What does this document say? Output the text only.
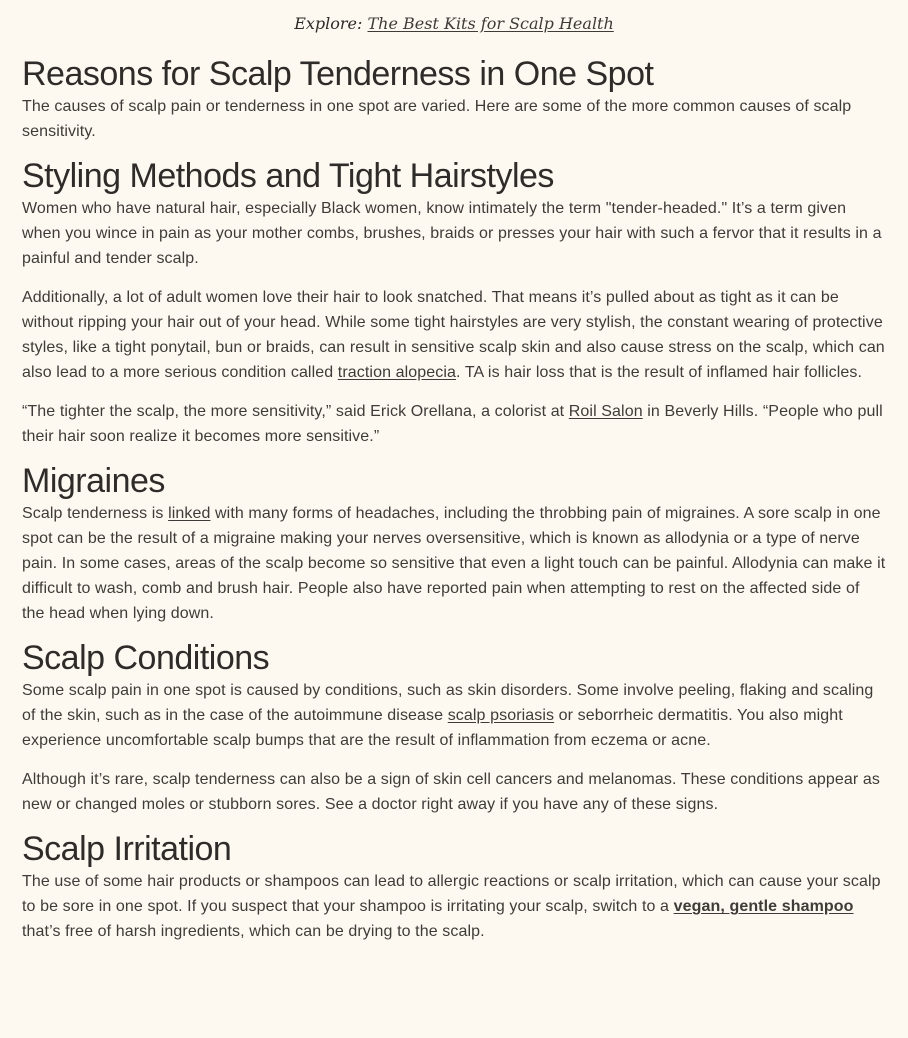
Explore: The Best Kits for Scalp Health
Reasons for Scalp Tenderness in One Spot

The causes of scalp pain or tenderness in one spot are varied. Here are some of the more common causes of scalp sensitivity.

Styling Methods and Tight Hairstyles

Women who have natural hair, especially Black women, know intimately the term "tender-headed." It’s a term given when you wince in pain as your mother combs, brushes, braids or presses your hair with such a fervor that it results in a painful and tender scalp.

Additionally, a lot of adult women love their hair to look snatched. That means it’s pulled about as tight as it can be without ripping your hair out of your head. While some tight hairstyles are very stylish, the constant wearing of protective styles, like a tight ponytail, bun or braids, can result in sensitive scalp skin and also cause stress on the scalp, which can also lead to a more serious condition called traction alopecia. TA is hair loss that is the result of inflamed hair follicles.

“The tighter the scalp, the more sensitivity,” said Erick Orellana, a colorist at Roil Salon in Beverly Hills. “People who pull their hair soon realize it becomes more sensitive.”

Migraines

Scalp tenderness is linked with many forms of headaches, including the throbbing pain of migraines. A sore scalp in one spot can be the result of a migraine making your nerves oversensitive, which is known as allodynia or a type of nerve pain. In some cases, areas of the scalp become so sensitive that even a light touch can be painful. Allodynia can make it difficult to wash, comb and brush hair. People also have reported pain when attempting to rest on the affected side of the head when lying down.

Scalp Conditions

Some scalp pain in one spot is caused by conditions, such as skin disorders. Some involve peeling, flaking and scaling of the skin, such as in the case of the autoimmune disease scalp psoriasis or seborrheic dermatitis. You also might experience uncomfortable scalp bumps that are the result of inflammation from eczema or acne.

Although it’s rare, scalp tenderness can also be a sign of skin cell cancers and melanomas. These conditions appear as new or changed moles or stubborn sores. See a doctor right away if you have any of these signs.

Scalp Irritation

The use of some hair products or shampoos can lead to allergic reactions or scalp irritation, which can cause your scalp to be sore in one spot. If you suspect that your shampoo is irritating your scalp, switch to a vegan, gentle shampoo that’s free of harsh ingredients, which can be drying to the scalp.
